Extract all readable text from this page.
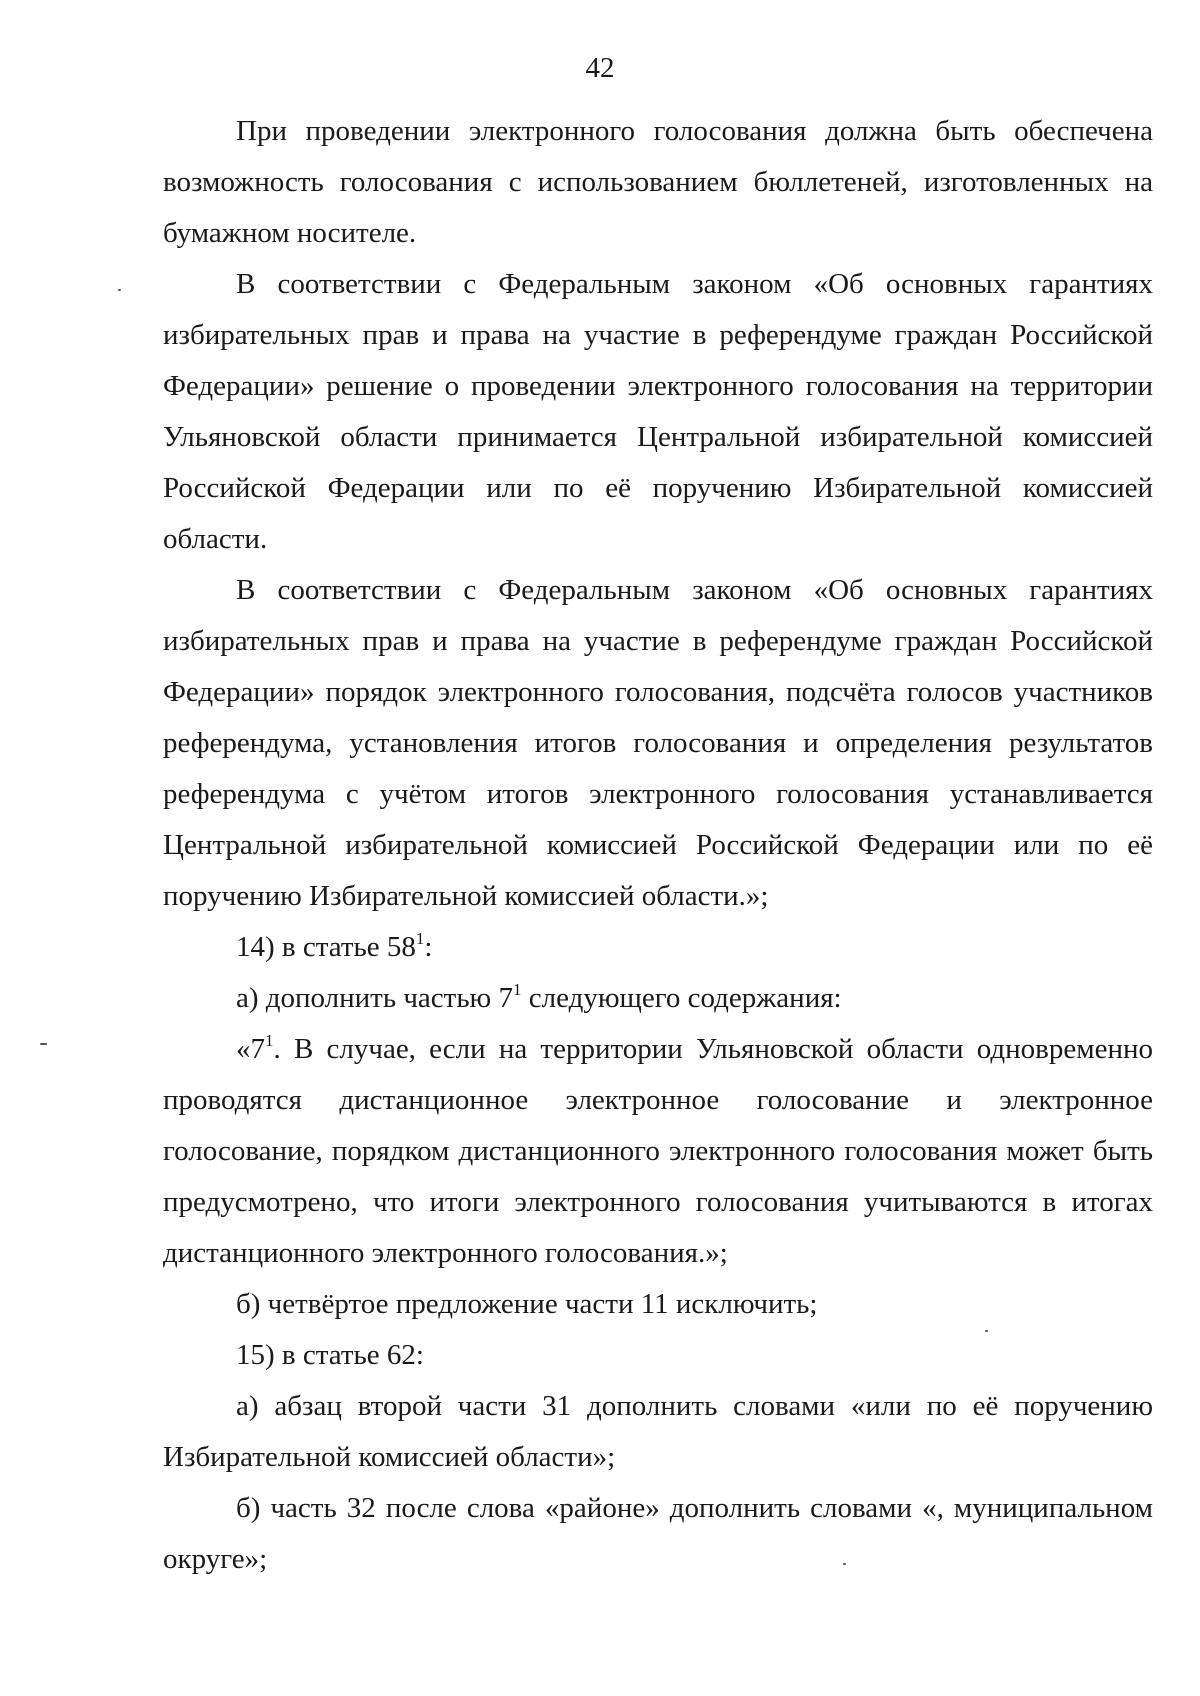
42

При проведении электронного голосования должна быть обеспечена возможность голосования с использованием бюллетеней, изготовленных на бумажном носителе.

В соответствии с Федеральным законом «Об основных гарантиях избирательных прав и права на участие в референдуме граждан Российской Федерации» решение о проведении электронного голосования на территории Ульяновской области принимается Центральной избирательной комиссией Российской Федерации или по её поручению Избирательной комиссией области.

В соответствии с Федеральным законом «Об основных гарантиях избирательных прав и права на участие в референдуме граждан Российской Федерации» порядок электронного голосования, подсчёта голосов участников референдума, установления итогов голосования и определения результатов референдума с учётом итогов электронного голосования устанавливается Центральной избирательной комиссией Российской Федерации или по её поручению Избирательной комиссией области.»;

14) в статье $58^1$:

а) дополнить частью $7^1$ следующего содержания:

«$7^1$. В случае, если на территории Ульяновской области одновременно проводятся дистанционное электронное голосование и электронное голосование, порядком дистанционного электронного голосования может быть предусмотрено, что итоги электронного голосования учитываются в итогах дистанционного электронного голосования.»;

б) четвёртое предложение части 11 исключить;

15) в статье 62:

а) абзац второй части 31 дополнить словами «или по её поручению Избирательной комиссией области»;

б) часть 32 после слова «районе» дополнить словами «, муниципальном округе»;
